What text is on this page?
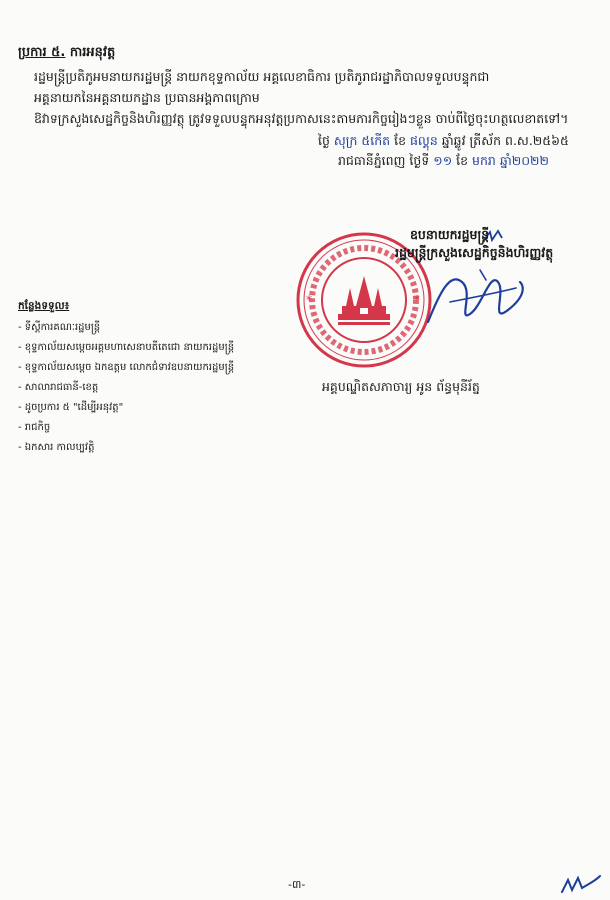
ប្រការ ៥. ការអនុវត្ត
រដ្ឋមន្ត្រីប្រតិភូអមនាយករដ្ឋមន្ត្រី នាយកខុទ្ទកាល័យ អគ្គលេខាធិការ ប្រតិភូរាជរដ្ឋាភិបាលទទួលបន្ទុកជា
អគ្គនាយកនៃអគ្គនាយកដ្ឋាន ប្រធានអង្គភាពក្រោម
ឱវាទក្រសួងសេដ្ឋកិច្ចនិងហិរញ្ញវត្ថុ ត្រូវទទួលបន្ទុកអនុវត្តប្រកាសនេះតាមភារកិច្ចរៀងៗខ្លួន ចាប់ពីថ្ងៃចុះហត្ថលេខាតទៅ។
ថ្ងៃ សុក្រ ៥កើត ខែ ផល្គុន ឆ្នាំឆ្លូវ ត្រីស័ក ព.ស.២៥៦៥
រាជធានីភ្នំពេញ ថ្ងៃទី ១១ ខែ មករា ឆ្នាំ២០២២
*	*
ឧបនាយករដ្ឋមន្ត្រី
រដ្ឋមន្ត្រីក្រសួងសេដ្ឋកិច្ចនិងហិរញ្ញវត្ថុ
អគ្គបណ្ឌិតសភាចារ្យ អូន ព័ន្ធមុនីរ័ត្ន
កន្លែងទទួល៖
- ទីស្តីការគណៈរដ្ឋមន្ត្រី
- ខុទ្ទកាល័យសម្តេចអគ្គមហាសេនាបតីតេជោ នាយករដ្ឋមន្ត្រី
- ខុទ្ទកាល័យសម្តេច ឯកឧត្តម លោកជំទាវឧបនាយករដ្ឋមន្ត្រី
- សាលារាជធានី-ខេត្ត
- ដូចប្រការ ៥ "ដើម្បីអនុវត្ត"
- រាជកិច្ច
- ឯកសារ កាលប្បវត្តិ
-៣-
